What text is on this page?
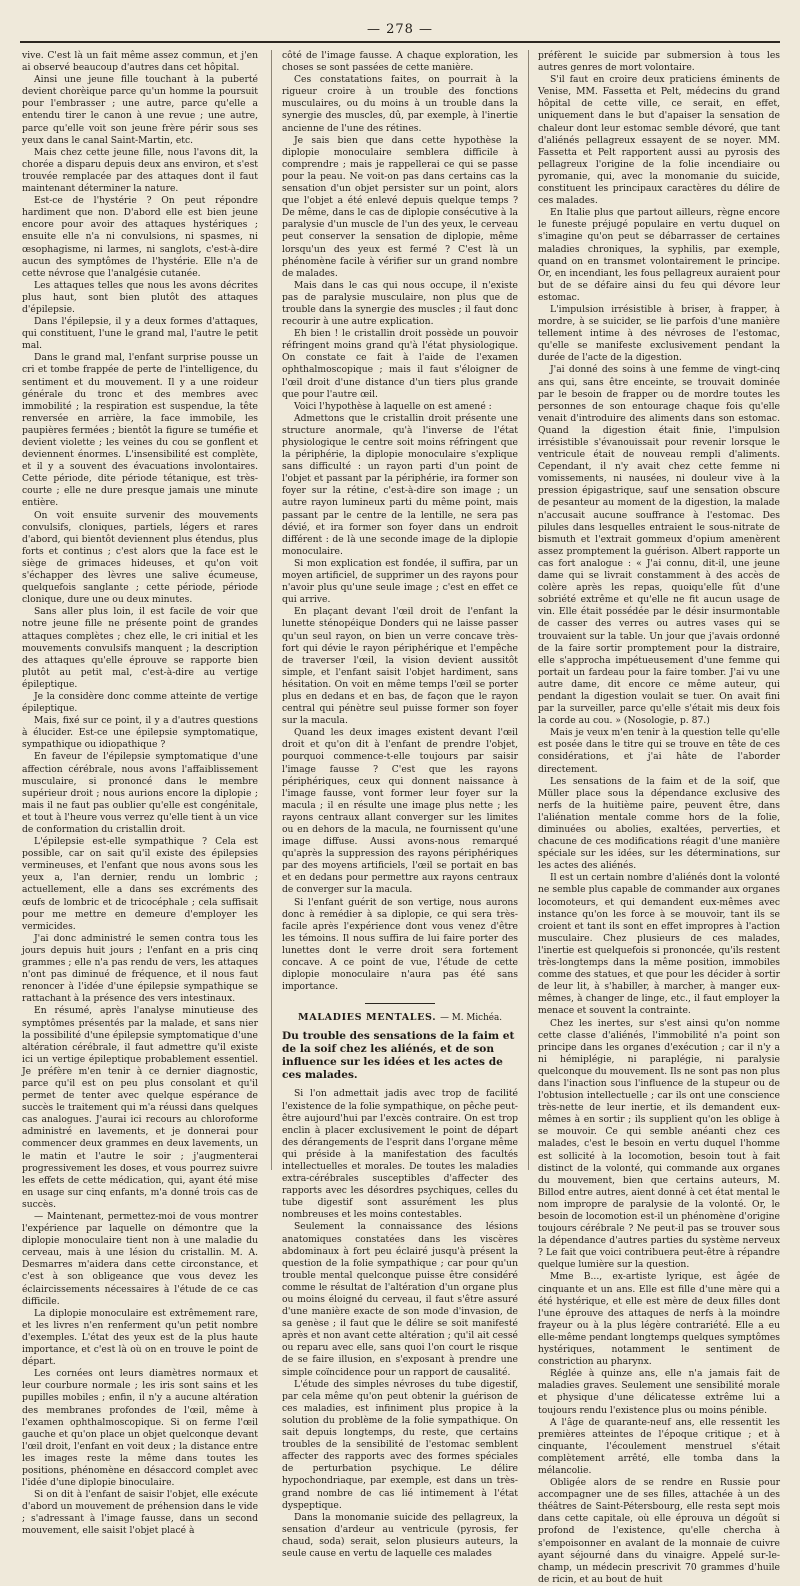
— 278 —

vive. C'est là un fait même assez commun, et j'en ai observé beaucoup d'autres dans cet hôpital.

Ainsi une jeune fille touchant à la puberté devient chorèique parce qu'un homme la poursuit pour l'embrasser ; une autre, parce qu'elle a entendu tirer le canon à une revue ; une autre, parce qu'elle voit son jeune frère périr sous ses yeux dans le canal Saint-Martin, etc.

Mais chez cette jeune fille, nous l'avons dit, la chorée a disparu depuis deux ans environ, et s'est trouvée remplacée par des attaques dont il faut maintenant déterminer la nature.

Est-ce de l'hystérie ? On peut répondre hardiment que non. D'abord elle est bien jeune encore pour avoir des attaques hystériques ; ensuite elle n'a ni convulsions, ni spasmes, ni œsophagisme, ni larmes, ni sanglots, c'est-à-dire aucun des symptômes de l'hystérie. Elle n'a de cette névrose que l'analgésie cutanée.

Les attaques telles que nous les avons décrites plus haut, sont bien plutôt des attaques d'épilepsie.

Dans l'épilepsie, il y a deux formes d'attaques, qui constituent, l'une le grand mal, l'autre le petit mal.

Dans le grand mal, l'enfant surprise pousse un cri et tombe frappée de perte de l'intelligence, du sentiment et du mouvement. Il y a une roideur générale du tronc et des membres avec immobilité ; la respiration est suspendue, la tête renversée en arrière, la face immobile, les paupières fermées ; bientôt la figure se tuméfie et devient violette ; les veines du cou se gonflent et deviennent énormes. L'insensibilité est complète, et il y a souvent des évacuations involontaires. Cette période, dite période tétanique, est très-courte ; elle ne dure presque jamais une minute entière.

On voit ensuite survenir des mouvements convulsifs, cloniques, partiels, légers et rares d'abord, qui bientôt deviennent plus étendus, plus forts et continus ; c'est alors que la face est le siège de grimaces hideuses, et qu'on voit s'échapper des lèvres une salive écumeuse, quelquefois sanglante ; cette période, période clonique, dure une ou deux minutes.

Sans aller plus loin, il est facile de voir que notre jeune fille ne présente point de grandes attaques complètes ; chez elle, le cri initial et les mouvements convulsifs manquent ; la description des attaques qu'elle éprouve se rapporte bien plutôt au petit mal, c'est-à-dire au vertige épileptique.

Je la considère donc comme atteinte de vertige épileptique.

Mais, fixé sur ce point, il y a d'autres questions à élucider. Est-ce une épilepsie symptomatique, sympathique ou idiopathique ?

En faveur de l'épilepsie symptomatique d'une affection cérébrale, nous avons l'affaiblissement musculaire, si prononcé dans le membre supérieur droit ; nous aurions encore la diplopie ; mais il ne faut pas oublier qu'elle est congénitale, et tout à l'heure vous verrez qu'elle tient à un vice de conformation du cristallin droit.

L'épilepsie est-elle sympathique ? Cela est possible, car on sait qu'il existe des épilepsies vermineuses, et l'enfant que nous avons sous les yeux a, l'an dernier, rendu un lombric ; actuellement, elle a dans ses excréments des œufs de lombric et de tricocéphale ; cela suffisait pour me mettre en demeure d'employer les vermicides.

J'ai donc administré le semen contra tous les jours depuis huit jours ; l'enfant en a pris cinq grammes ; elle n'a pas rendu de vers, les attaques n'ont pas diminué de fréquence, et il nous faut renoncer à l'idée d'une épilepsie sympathique se rattachant à la présence des vers intestinaux.

En résumé, après l'analyse minutieuse des symptômes présentés par la malade, et sans nier la possibilité d'une épilepsie symptomatique d'une altération cérébrale, il faut admettre qu'il existe ici un vertige épileptique probablement essentiel. Je préfère m'en tenir à ce dernier diagnostic, parce qu'il est on peu plus consolant et qu'il permet de tenter avec quelque espérance de succès le traitement qui m'a réussi dans quelques cas analogues. J'aurai ici recours au chloroforme administré en lavements, et je donnerai pour commencer deux grammes en deux lavements, un le matin et l'autre le soir ; j'augmenterai progressivement les doses, et vous pourrez suivre les effets de cette médication, qui, ayant été mise en usage sur cinq enfants, m'a donné trois cas de succès.

— Maintenant, permettez-moi de vous montrer l'expérience par laquelle on démontre que la diplopie monoculaire tient non à une maladie du cerveau, mais à une lésion du cristallin. M. A. Desmarres m'aidera dans cette circonstance, et c'est à son obligeance que vous devez les éclaircissements nécessaires à l'étude de ce cas difficile.

La diplopie monoculaire est extrêmement rare, et les livres n'en renferment qu'un petit nombre d'exemples. L'état des yeux est de la plus haute importance, et c'est là où on en trouve le point de départ.

Les cornées ont leurs diamètres normaux et leur courbure normale ; les iris sont sains et les pupilles mobiles ; enfin, il n'y a aucune altération des membranes profondes de l'œil, même à l'examen ophthalmoscopique. Si on ferme l'œil gauche et qu'on place un objet quelconque devant l'œil droit, l'enfant en voit deux ; la distance entre les images reste la même dans toutes les positions, phénomène en désaccord complet avec l'idée d'une diplopie binoculaire.

Si on dit à l'enfant de saisir l'objet, elle exécute d'abord un mouvement de préhension dans le vide ; s'adressant à l'image fausse, dans un second mouvement, elle saisit l'objet placé à

côté de l'image fausse. A chaque exploration, les choses se sont passées de cette manière.

Ces constatations faites, on pourrait à la rigueur croire à un trouble des fonctions musculaires, ou du moins à un trouble dans la synergie des muscles, dû, par exemple, à l'inertie ancienne de l'une des rétines.

Je sais bien que dans cette hypothèse la diplopie monoculaire semblera difficile à comprendre ; mais je rappellerai ce qui se passe pour la peau. Ne voit-on pas dans certains cas la sensation d'un objet persister sur un point, alors que l'objet a été enlevé depuis quelque temps ? De même, dans le cas de diplopie consécutive à la paralysie d'un muscle de l'un des yeux, le cerveau peut conserver la sensation de diplopie, même lorsqu'un des yeux est fermé ? C'est là un phénomène facile à vérifier sur un grand nombre de malades.

Mais dans le cas qui nous occupe, il n'existe pas de paralysie musculaire, non plus que de trouble dans la synergie des muscles ; il faut donc recourir à une autre explication.

Eh bien ! le cristallin droit possède un pouvoir réfringent moins grand qu'à l'état physiologique. On constate ce fait à l'aide de l'examen ophthalmoscopique ; mais il faut s'éloigner de l'œil droit d'une distance d'un tiers plus grande que pour l'autre œil.

Voici l'hypothèse à laquelle on est amené :

Admettons que le cristallin droit présente une structure anormale, qu'à l'inverse de l'état physiologique le centre soit moins réfringent que la périphérie, la diplopie monoculaire s'explique sans difficulté : un rayon parti d'un point de l'objet et passant par la périphérie, ira former son foyer sur la rétine, c'est-à-dire son image ; un autre rayon lumineux parti du même point, mais passant par le centre de la lentille, ne sera pas dévié, et ira former son foyer dans un endroit différent : de là une seconde image de la diplopie monoculaire.

Si mon explication est fondée, il suffira, par un moyen artificiel, de supprimer un des rayons pour n'avoir plus qu'une seule image ; c'est en effet ce qui arrive.

En plaçant devant l'œil droit de l'enfant la lunette sténopéique Donders qui ne laisse passer qu'un seul rayon, on bien un verre concave très-fort qui dévie le rayon périphérique et l'empêche de traverser l'œil, la vision devient aussitôt simple, et l'enfant saisit l'objet hardiment, sans hésitation. On voit en même temps l'œil se porter plus en dedans et en bas, de façon que le rayon central qui pénètre seul puisse former son foyer sur la macula.

Quand les deux images existent devant l'œil droit et qu'on dit à l'enfant de prendre l'objet, pourquoi commence-t-elle toujours par saisir l'image fausse ? C'est que les rayons périphériques, ceux qui donnent naissance à l'image fausse, vont former leur foyer sur la macula ; il en résulte une image plus nette ; les rayons centraux allant converger sur les limites ou en dehors de la macula, ne fournissent qu'une image diffuse. Aussi avons-nous remarqué qu'après la suppression des rayons périphériques par des moyens artificiels, l'œil se portait en bas et en dedans pour permettre aux rayons centraux de converger sur la macula.

Si l'enfant guérit de son vertige, nous aurons donc à remédier à sa diplopie, ce qui sera très-facile après l'expérience dont vous venez d'être les témoins. Il nous suffira de lui faire porter des lunettes dont le verre droit sera fortement concave. A ce point de vue, l'étude de cette diplopie monoculaire n'aura pas été sans importance.

MALADIES MENTALES. — M. Michéa.

Du trouble des sensations de la faim et de la soif chez les aliénés, et de son influence sur les idées et les actes de ces malades.

Si l'on admettait jadis avec trop de facilité l'existence de la folie sympathique, on pêche peut-être aujourd'hui par l'excès contraire. On est trop enclin à placer exclusivement le point de départ des dérangements de l'esprit dans l'organe même qui préside à la manifestation des facultés intellectuelles et morales. De toutes les maladies extra-cérébrales susceptibles d'affecter des rapports avec les désordres psychiques, celles du tube digestif sont assurément les plus nombreuses et les moins contestables.

Seulement la connaissance des lésions anatomiques constatées dans les viscères abdominaux à fort peu éclairé jusqu'à présent la question de la folie sympathique ; car pour qu'un trouble mental quelconque puisse être considéré comme le résultat de l'altération d'un organe plus ou moins éloigné du cerveau, il faut s'être assuré d'une manière exacte de son mode d'invasion, de sa genèse ; il faut que le délire se soit manifesté après et non avant cette altération ; qu'il ait cessé ou reparu avec elle, sans quoi l'on court le risque de se faire illusion, en s'exposant à prendre une simple coïncidence pour un rapport de causalité.

L'étude des simples névroses du tube digestif, par cela même qu'on peut obtenir la guérison de ces maladies, est infiniment plus propice à la solution du problème de la folie sympathique. On sait depuis longtemps, du reste, que certains troubles de la sensibilité de l'estomac semblent affecter des rapports avec des formes spéciales de perturbation psychique. Le délire hypochondriaque, par exemple, est dans un très-grand nombre de cas lié intimement à l'état dyspeptique.

Dans la monomanie suicide des pellagreux, la sensation d'ardeur au ventricule (pyrosis, fer chaud, soda) serait, selon plusieurs auteurs, la seule cause en vertu de laquelle ces malades

préfèrent le suicide par submersion à tous les autres genres de mort volontaire.

S'il faut en croire deux praticiens éminents de Venise, MM. Fassetta et Pelt, médecins du grand hôpital de cette ville, ce serait, en effet, uniquement dans le but d'apaiser la sensation de chaleur dont leur estomac semble dévoré, que tant d'aliénés pellagreux essayent de se noyer. MM. Fassetta et Pelt rapportent aussi au pyrosis des pellagreux l'origine de la folie incendiaire ou pyromanie, qui, avec la monomanie du suicide, constituent les principaux caractères du délire de ces malades.

En Italie plus que partout ailleurs, règne encore le funeste préjugé populaire en vertu duquel on s'imagine qu'on peut se débarrasser de certaines maladies chroniques, la syphilis, par exemple, quand on en transmet volontairement le principe. Or, en incendiant, les fous pellagreux auraient pour but de se défaire ainsi du feu qui dévore leur estomac.

L'impulsion irrésistible à briser, à frapper, à mordre, à se suicider, se lie parfois d'une manière tellement intime à des névroses de l'estomac, qu'elle se manifeste exclusivement pendant la durée de l'acte de la digestion.

J'ai donné des soins à une femme de vingt-cinq ans qui, sans être enceinte, se trouvait dominée par le besoin de frapper ou de mordre toutes les personnes de son entourage chaque fois qu'elle venait d'introduire des aliments dans son estomac. Quand la digestion était finie, l'impulsion irrésistible s'évanouissait pour revenir lorsque le ventricule était de nouveau rempli d'aliments. Cependant, il n'y avait chez cette femme ni vomissements, ni nausées, ni douleur vive à la pression épigastrique, sauf une sensation obscure de pesanteur au moment de la digestion, la malade n'accusait aucune souffrance à l'estomac. Des pilules dans lesquelles entraient le sous-nitrate de bismuth et l'extrait gommeux d'opium amenèrent assez promptement la guérison. Albert rapporte un cas fort analogue : « J'ai connu, dit-il, une jeune dame qui se livrait constamment à des accès de colère après les repas, quoiqu'elle fût d'une sobriété extrême et qu'elle ne fit aucun usage de vin. Elle était possédée par le désir insurmontable de casser des verres ou autres vases qui se trouvaient sur la table. Un jour que j'avais ordonné de la faire sortir promptement pour la distraire, elle s'approcha impétueusement d'une femme qui portait un fardeau pour la faire tomber. J'ai vu une autre dame, dit encore ce même auteur, qui pendant la digestion voulait se tuer. On avait fini par la surveiller, parce qu'elle s'était mis deux fois la corde au cou. » (Nosologie, p. 87.)

Mais je veux m'en tenir à la question telle qu'elle est posée dans le titre qui se trouve en tête de ces considérations, et j'ai hâte de l'aborder directement.

Les sensations de la faim et de la soif, que Müller place sous la dépendance exclusive des nerfs de la huitième paire, peuvent être, dans l'aliénation mentale comme hors de la folie, diminuées ou abolies, exaltées, perverties, et chacune de ces modifications réagit d'une manière spéciale sur les idées, sur les déterminations, sur les actes des aliénés.

Il est un certain nombre d'aliénés dont la volonté ne semble plus capable de commander aux organes locomoteurs, et qui demandent eux-mêmes avec instance qu'on les force à se mouvoir, tant ils se croient et tant ils sont en effet impropres à l'action musculaire. Chez plusieurs de ces malades, l'inertie est quelquefois si prononcée, qu'ils restent très-longtemps dans la même position, immobiles comme des statues, et que pour les décider à sortir de leur lit, à s'habiller, à marcher, à manger eux-mêmes, à changer de linge, etc., il faut employer la menace et souvent la contrainte.

Chez les inertes, sur s'est ainsi qu'on nomme cette classe d'aliénés, l'immobilité n'a point son principe dans les organes d'exécution ; car il n'y a ni hémiplégie, ni paraplégie, ni paralysie quelconque du mouvement. Ils ne sont pas non plus dans l'inaction sous l'influence de la stupeur ou de l'obtusion intellectuelle ; car ils ont une conscience très-nette de leur inertie, et ils demandent eux-mêmes à en sortir ; ils supplient qu'on les oblige à se mouvoir. Ce qui semble anéanti chez ces malades, c'est le besoin en vertu duquel l'homme est sollicité à la locomotion, besoin tout à fait distinct de la volonté, qui commande aux organes du mouvement, bien que certains auteurs, M. Billod entre autres, aient donné à cet état mental le nom impropre de paralysie de la volonté. Or, le besoin de locomotion est-il un phénomène d'origine toujours cérébrale ? Ne peut-il pas se trouver sous la dépendance d'autres parties du système nerveux ? Le fait que voici contribuera peut-être à répandre quelque lumière sur la question.

Mme B..., ex-artiste lyrique, est âgée de cinquante et un ans. Elle est fille d'une mère qui a été hystérique, et elle est mère de deux filles dont l'une éprouve des attaques de nerfs à la moindre frayeur ou à la plus légère contrariété. Elle a eu elle-même pendant longtemps quelques symptômes hystériques, notamment le sentiment de constriction au pharynx.

Réglée à quinze ans, elle n'a jamais fait de maladies graves. Seulement une sensibilité morale et physique d'une délicatesse extrême lui a toujours rendu l'existence plus ou moins pénible.

A l'âge de quarante-neuf ans, elle ressentit les premières atteintes de l'époque critique ; et à cinquante, l'écoulement menstruel s'était complètement arrêté, elle tomba dans la mélancolie.

Obligée alors de se rendre en Russie pour accompagner une de ses filles, attachée à un des théâtres de Saint-Pétersbourg, elle resta sept mois dans cette capitale, où elle éprouva un dégoût si profond de l'existence, qu'elle chercha à s'empoisonner en avalant de la monnaie de cuivre ayant séjourné dans du vinaigre. Appelé sur-le-champ, un médecin prescrivit 70 grammes d'huile de ricin, et au bout de huit
